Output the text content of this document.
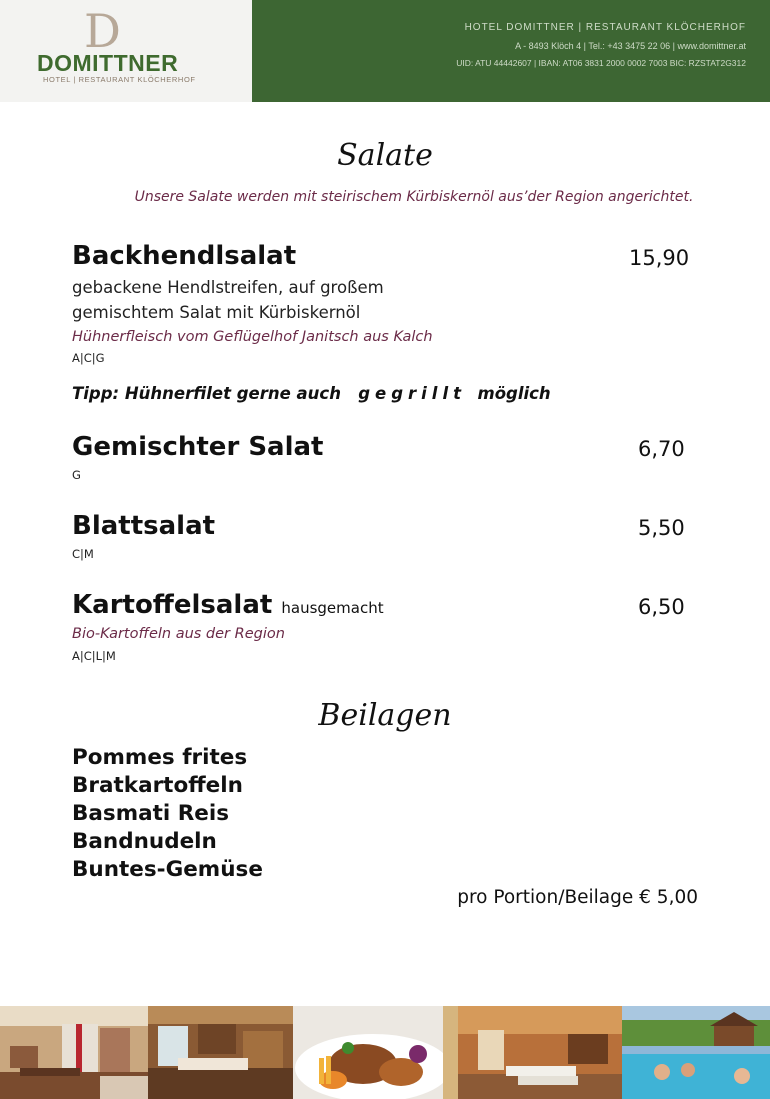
D
DOMITTNER
HOTEL | RESTAURANT KLÖCHERHOF
HOTEL DOMITTNER | RESTAURANT KLÖCHERHOF
A - 8493 Klöch 4 | Tel.: +43 3475 22 06 | www.domittner.at
UID: ATU 44442607 | IBAN: AT06 3831 2000 0002 7003 BIC: RZSTAT2G312
Salate
Unsere Salate werden mit steirischem Kürbiskernöl aus’der Region angerichtet.
Backhendlsalat	15,90
gebackene Hendlstreifen, auf großem
gemischtem Salat mit Kürbiskernöl
Hühnerfleisch vom Geflügelhof Janitsch aus Kalch
A|C|G
Tipp: Hühnerfilet gerne auch gegrillt möglich
Gemischter Salat	6,70
G
Blattsalat	5,50
C|M
Kartoffelsalat hausgemacht	6,50
Bio-Kartoffeln aus der Region
A|C|L|M
Beilagen
Pommes frites
Bratkartoffeln
Basmati Reis
Bandnudeln
Buntes-Gemüse
pro Portion/Beilage € 5,00
